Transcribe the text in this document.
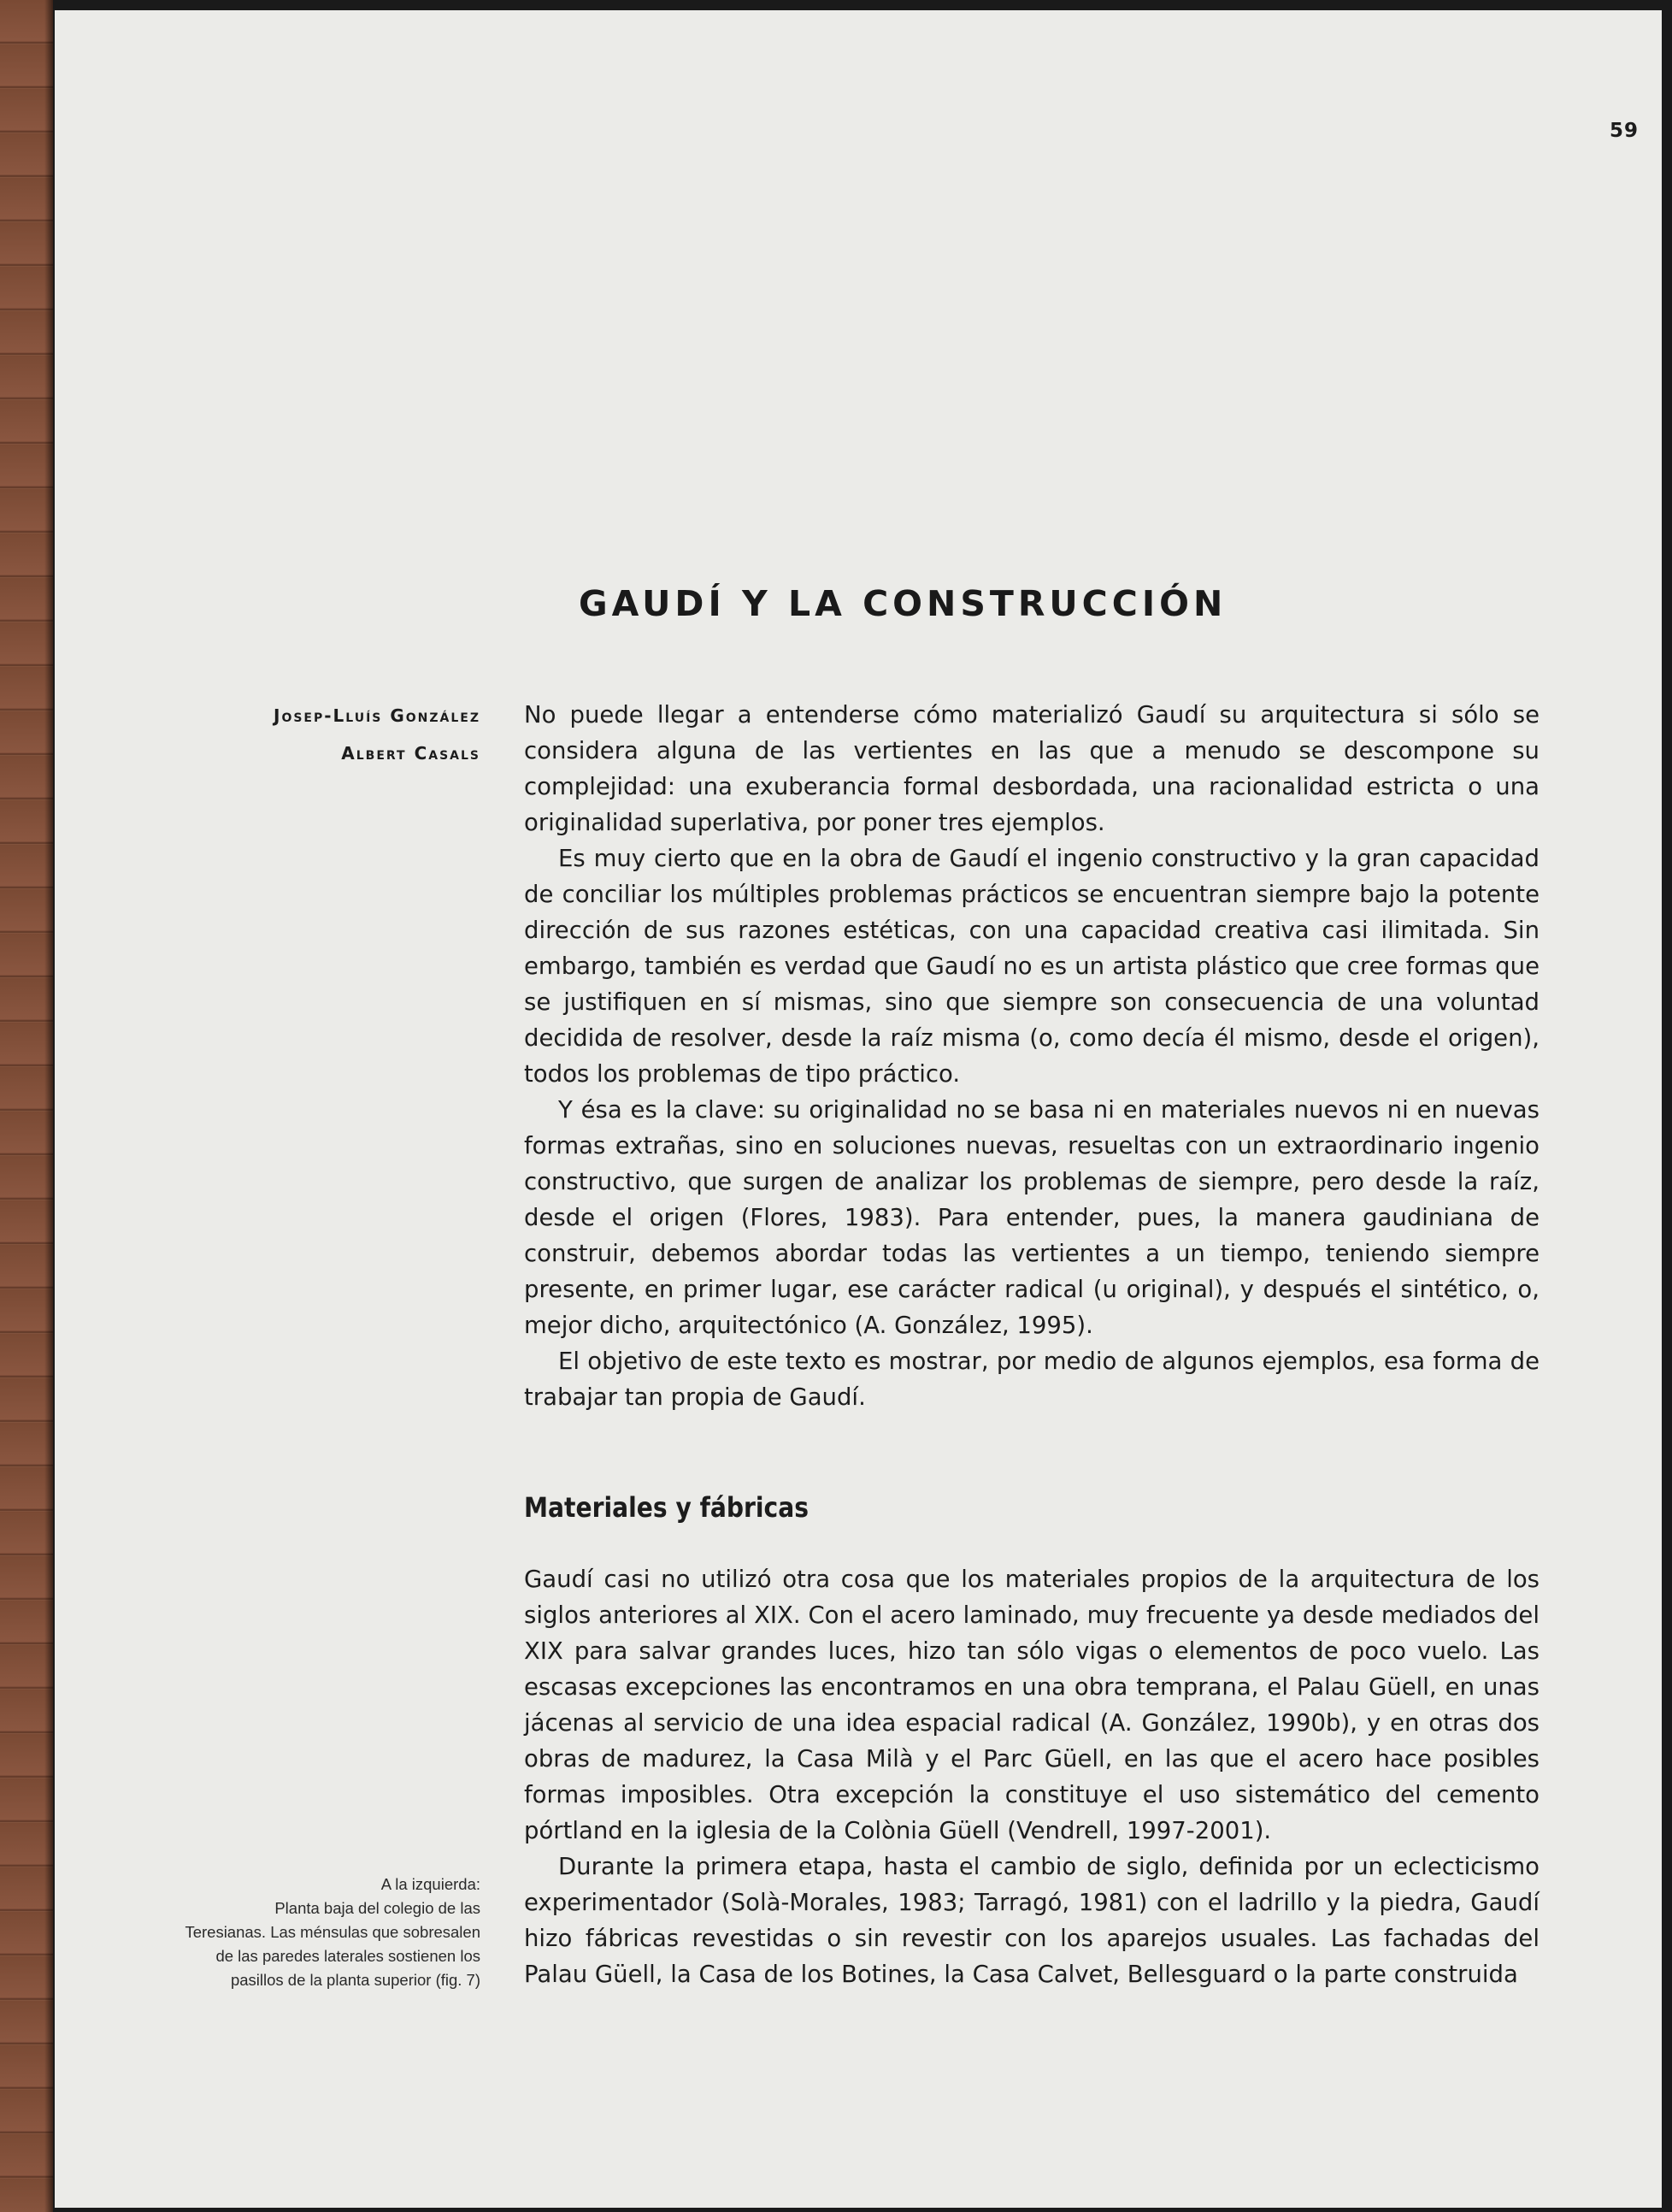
59
GAUDÍ Y LA CONSTRUCCIÓN
Josep-Lluís González
Albert Casals

No puede llegar a entenderse cómo materializó Gaudí su arquitectura si sólo se considera alguna de las vertientes en las que a menudo se descompone su complejidad: una exuberancia formal desbordada, una racionalidad estricta o una originalidad superlativa, por poner tres ejemplos.

Es muy cierto que en la obra de Gaudí el ingenio constructivo y la gran capacidad de conciliar los múltiples problemas prácticos se encuentran siempre bajo la potente dirección de sus razones estéticas, con una capacidad creativa casi ilimitada. Sin embargo, también es verdad que Gaudí no es un artista plástico que cree formas que se justifiquen en sí mismas, sino que siempre son consecuencia de una voluntad decidida de resolver, desde la raíz misma (o, como decía él mismo, desde el origen), todos los problemas de tipo práctico.

Y ésa es la clave: su originalidad no se basa ni en materiales nuevos ni en nuevas formas extrañas, sino en soluciones nuevas, resueltas con un extraordinario ingenio constructivo, que surgen de analizar los problemas de siempre, pero desde la raíz, desde el origen (Flores, 1983). Para entender, pues, la manera gaudiniana de construir, debemos abordar todas las vertientes a un tiempo, teniendo siempre presente, en primer lugar, ese carácter radical (u original), y después el sintético, o, mejor dicho, arquitectónico (A. González, 1995).

El objetivo de este texto es mostrar, por medio de algunos ejemplos, esa forma de trabajar tan propia de Gaudí.

Materiales y fábricas

Gaudí casi no utilizó otra cosa que los materiales propios de la arquitectura de los siglos anteriores al XIX. Con el acero laminado, muy frecuente ya desde mediados del XIX para salvar grandes luces, hizo tan sólo vigas o elementos de poco vuelo. Las escasas excepciones las encontramos en una obra temprana, el Palau Güell, en unas jácenas al servicio de una idea espacial radical (A. González, 1990b), y en otras dos obras de madurez, la Casa Milà y el Parc Güell, en las que el acero hace posibles formas imposibles. Otra excepción la constituye el uso sistemático del cemento pórtland en la iglesia de la Colònia Güell (Vendrell, 1997-2001).

Durante la primera etapa, hasta el cambio de siglo, definida por un eclecticismo experimentador (Solà-Morales, 1983; Tarragó, 1981) con el ladrillo y la piedra, Gaudí hizo fábricas revestidas o sin revestir con los aparejos usuales. Las fachadas del Palau Güell, la Casa de los Botines, la Casa Calvet, Bellesguard o la parte construida

A la izquierda:
Planta baja del colegio de las
Teresianas. Las ménsulas que sobresalen
de las paredes laterales sostienen los
pasillos de la planta superior (fig. 7)
